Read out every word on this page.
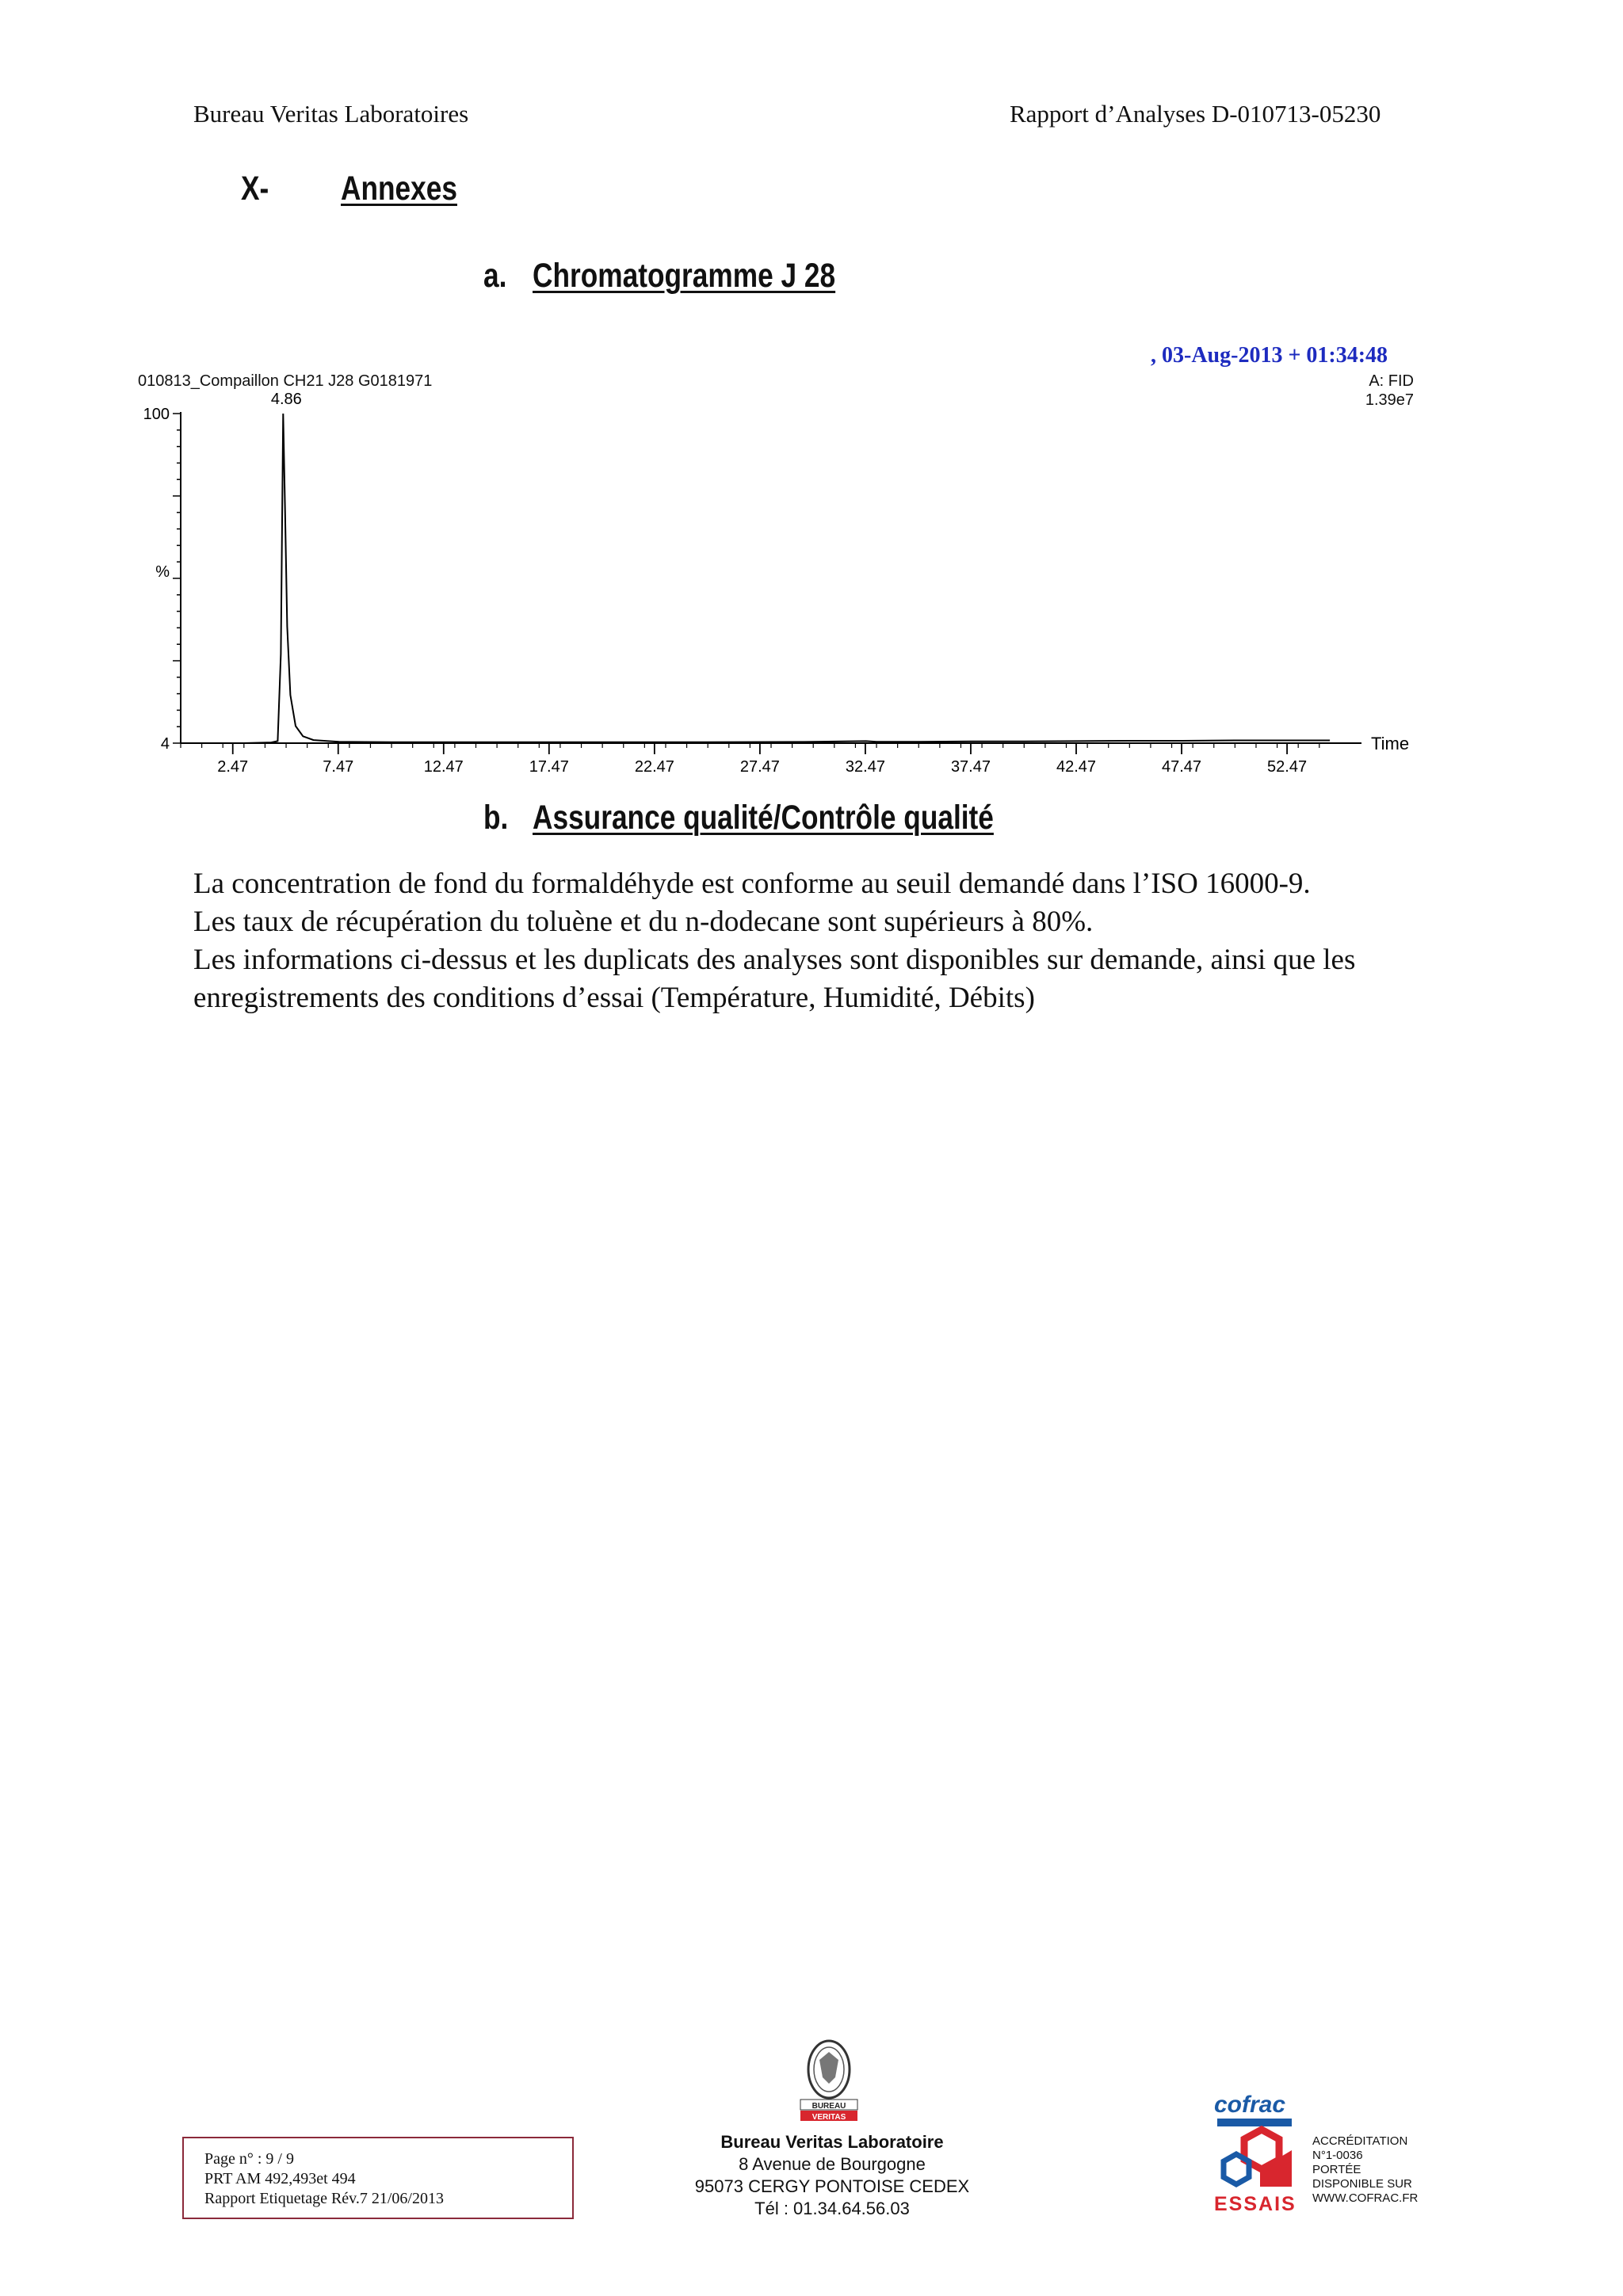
Bureau Veritas Laboratoires	Rapport d’Analyses D-010713-05230
X- Annexes
a. Chromatogramme J 28
, 03-Aug-2013 + 01:34:48
010813_Compaillon CH21 J28 G0181971	A: FID
1.39e7
2.47	7.47	12.47	17.47	22.47	27.47	32.47	37.47	42.47	47.47	52.47
100
%
4	Time
4.86
b. Assurance qualité/Contrôle qualité

La concentration de fond du formaldéhyde est conforme au seuil demandé dans l’ISO 16000-9.

Les taux de récupération du toluène et du n-dodecane sont supérieurs à 80%.

Les informations ci-dessus et les duplicats des analyses sont disponibles sur demande, ainsi que les enregistrements des conditions d’essai (Température, Humidité, Débits)

BUREAU
VERITAS
Page n° : 9 / 9
PRT AM 492,493et 494
Rapport Etiquetage Rév.7 21/06/2013
Bureau Veritas Laboratoire
8 Avenue de Bourgogne
95073 CERGY PONTOISE CEDEX
Tél : 01.34.64.56.03
cofrac
ESSAIS
ACCRÉDITATION
N°1-0036
PORTÉE
DISPONIBLE SUR
WWW.COFRAC.FR
